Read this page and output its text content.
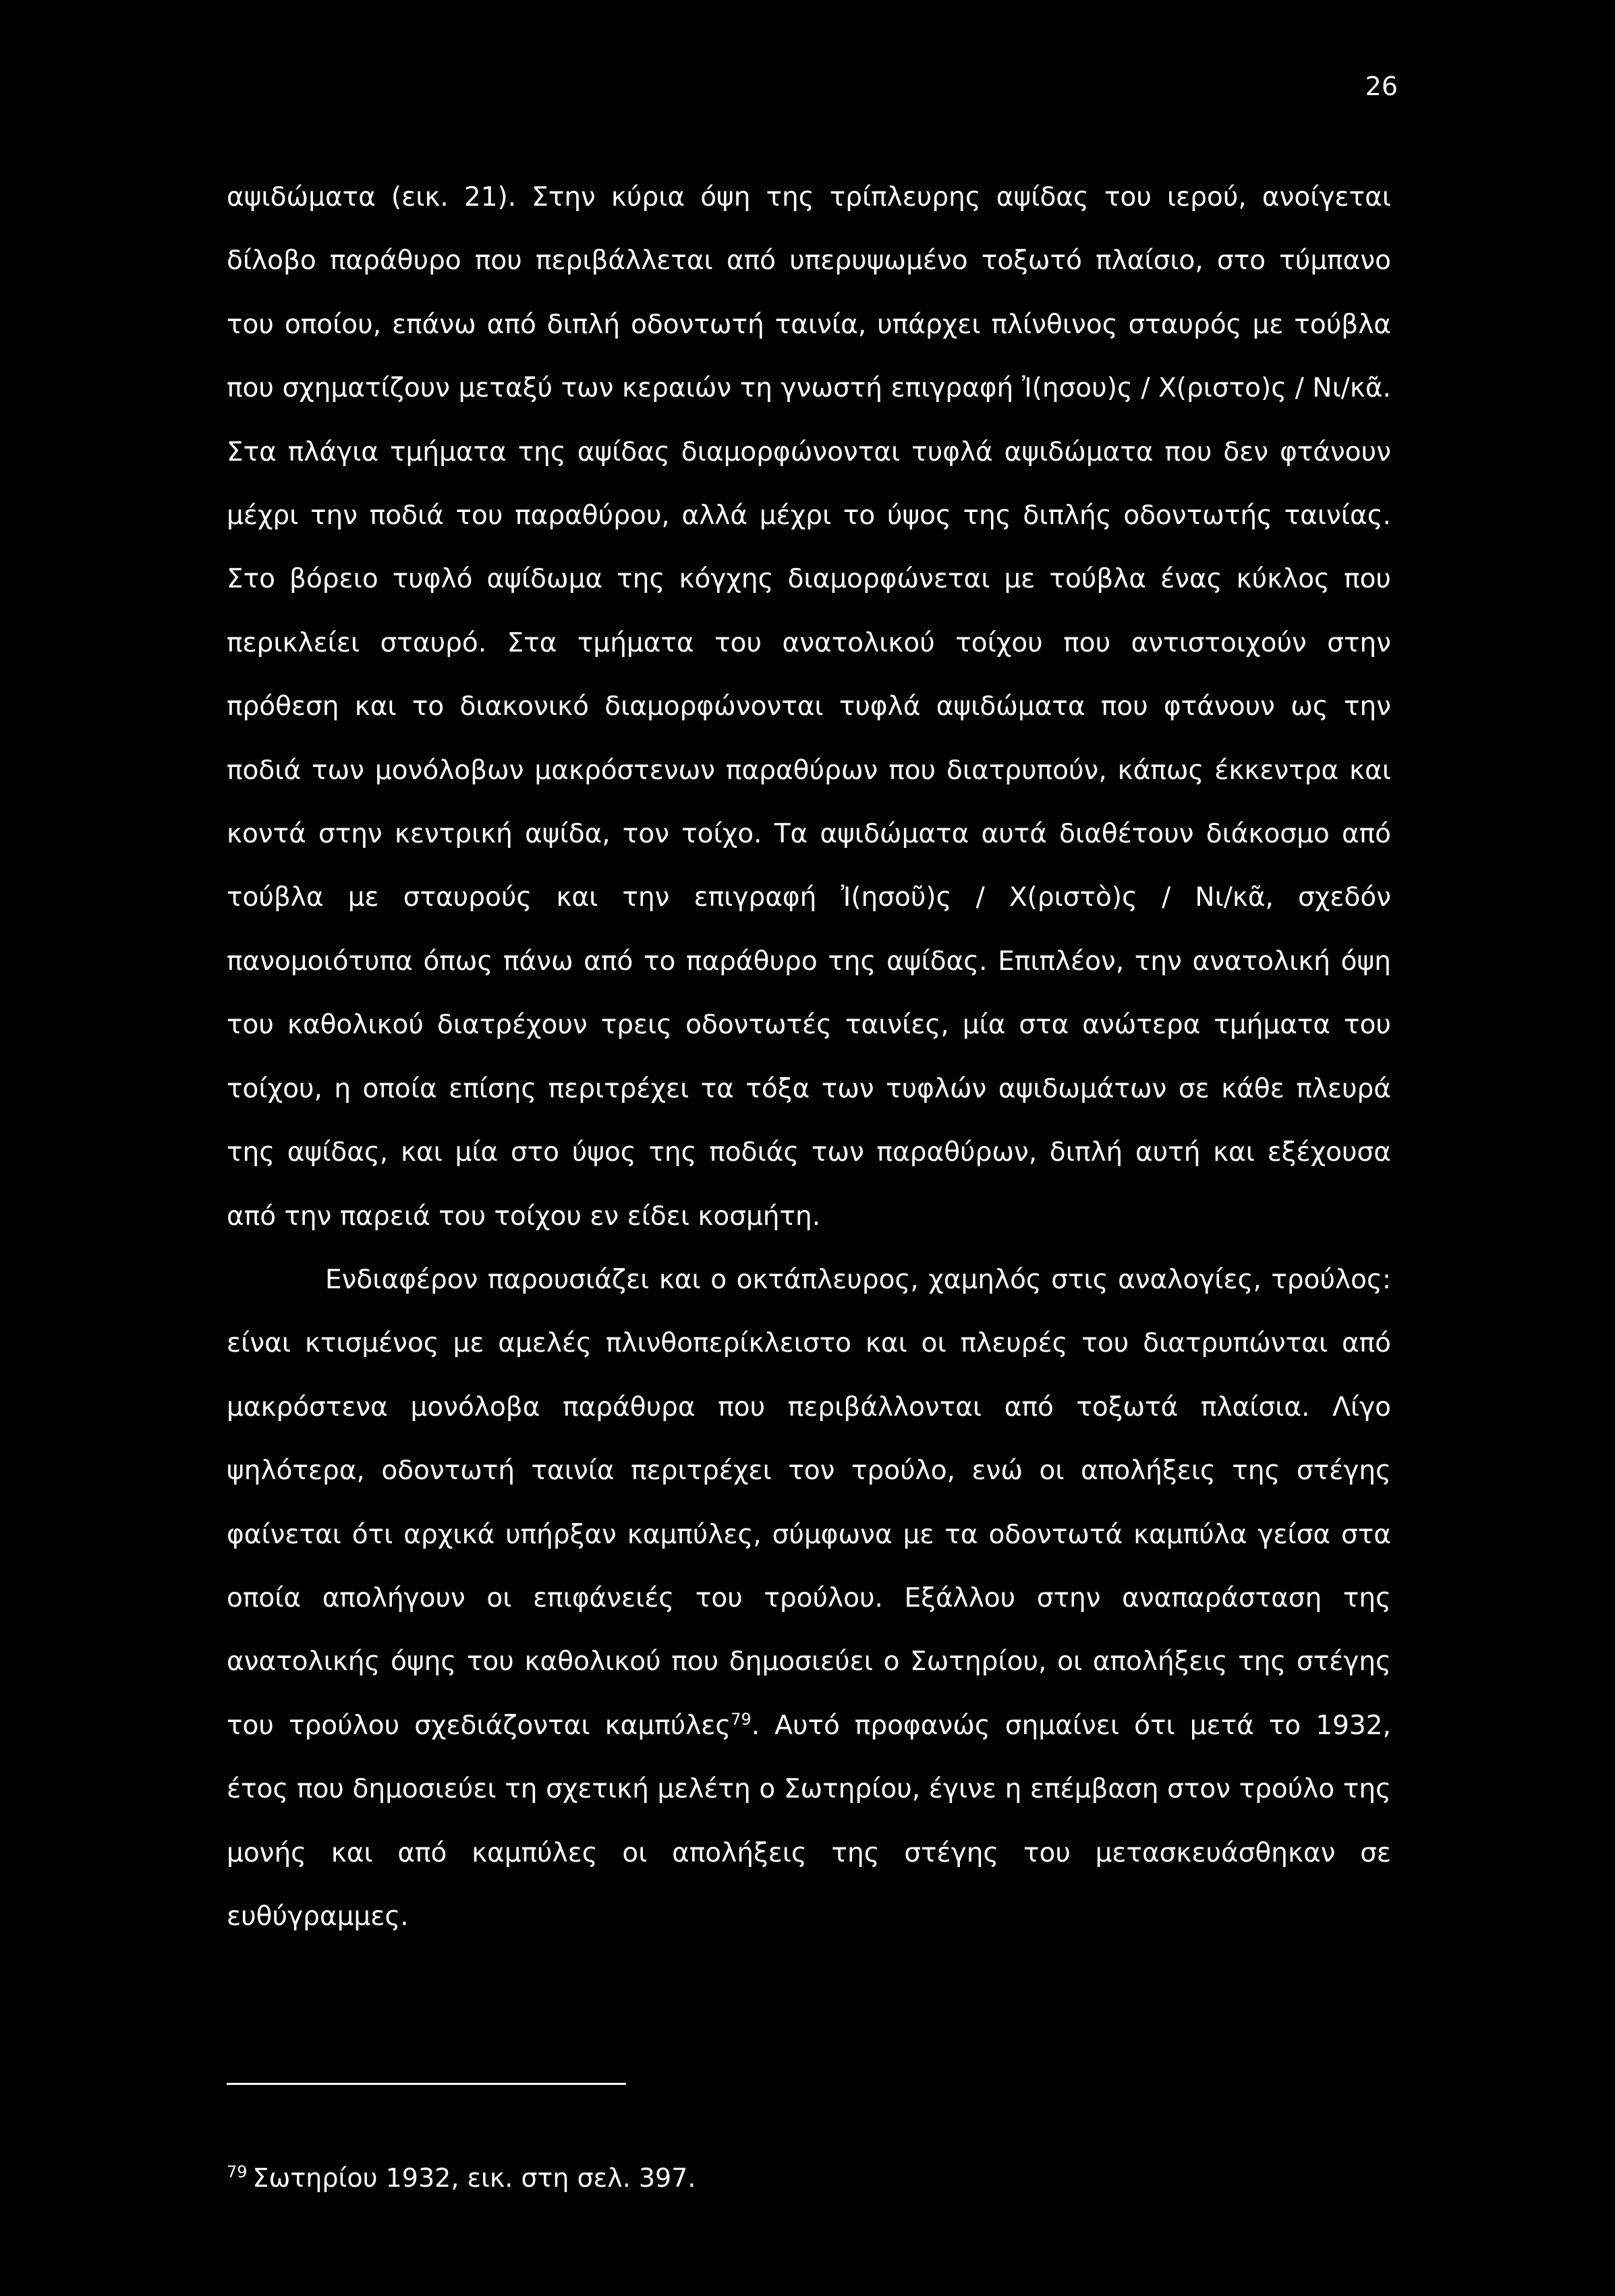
26

αψιδώματα (εικ. 21). Στην κύρια όψη της τρίπλευρης αψίδας του ιερού, ανοίγεται δίλοβο παράθυρο που περιβάλλεται από υπερυψωμένο τοξωτό πλαίσιο, στο τύμπανο του οποίου, επάνω από διπλή οδοντωτή ταινία, υπάρχει πλίνθινος σταυρός με τούβλα που σχηματίζουν μεταξύ των κεραιών τη γνωστή επιγραφή Ἰ(ησου)ς / Χ(ριστο)ς / Νι/κᾶ. Στα πλάγια τμήματα της αψίδας διαμορφώνονται τυφλά αψιδώματα που δεν φτάνουν μέχρι την ποδιά του παραθύρου, αλλά μέχρι το ύψος της διπλής οδοντωτής ταινίας. Στο βόρειο τυφλό αψίδωμα της κόγχης διαμορφώνεται με τούβλα ένας κύκλος που περικλείει σταυρό. Στα τμήματα του ανατολικού τοίχου που αντιστοιχούν στην πρόθεση και το διακονικό διαμορφώνονται τυφλά αψιδώματα που φτάνουν ως την ποδιά των μονόλοβων μακρόστενων παραθύρων που διατρυπούν, κάπως έκκεντρα και κοντά στην κεντρική αψίδα, τον τοίχο. Τα αψιδώματα αυτά διαθέτουν διάκοσμο από τούβλα με σταυρούς και την επιγραφή Ἰ(ησοῦ)ς / Χ(ριστὸ)ς / Νι/κᾶ, σχεδόν πανομοιότυπα όπως πάνω από το παράθυρο της αψίδας. Επιπλέον, την ανατολική όψη του καθολικού διατρέχουν τρεις οδοντωτές ταινίες, μία στα ανώτερα τμήματα του τοίχου, η οποία επίσης περιτρέχει τα τόξα των τυφλών αψιδωμάτων σε κάθε πλευρά της αψίδας, και μία στο ύψος της ποδιάς των παραθύρων, διπλή αυτή και εξέχουσα από την παρειά του τοίχου εν είδει κοσμήτη.

Ενδιαφέρον παρουσιάζει και ο οκτάπλευρος, χαμηλός στις αναλογίες, τρούλος: είναι κτισμένος με αμελές πλινθοπερίκλειστο και οι πλευρές του διατρυπώνται από μακρόστενα μονόλοβα παράθυρα που περιβάλλονται από τοξωτά πλαίσια. Λίγο ψηλότερα, οδοντωτή ταινία περιτρέχει τον τρούλο, ενώ οι απολήξεις της στέγης φαίνεται ότι αρχικά υπήρξαν καμπύλες, σύμφωνα με τα οδοντωτά καμπύλα γείσα στα οποία απολήγουν οι επιφάνειές του τρούλου. Εξάλλου στην αναπαράσταση της ανατολικής όψης του καθολικού που δημοσιεύει ο Σωτηρίου, οι απολήξεις της στέγης του τρούλου σχεδιάζονται καμπύλες$^{79}$. Αυτό προφανώς σημαίνει ότι μετά το 1932, έτος που δημοσιεύει τη σχετική μελέτη ο Σωτηρίου, έγινε η επέμβαση στον τρούλο της μονής και από καμπύλες οι απολήξεις της στέγης του μετασκευάσθηκαν σε ευθύγραμμες.

$^{79}$ Σωτηρίου 1932, εικ. στη σελ. 397.
